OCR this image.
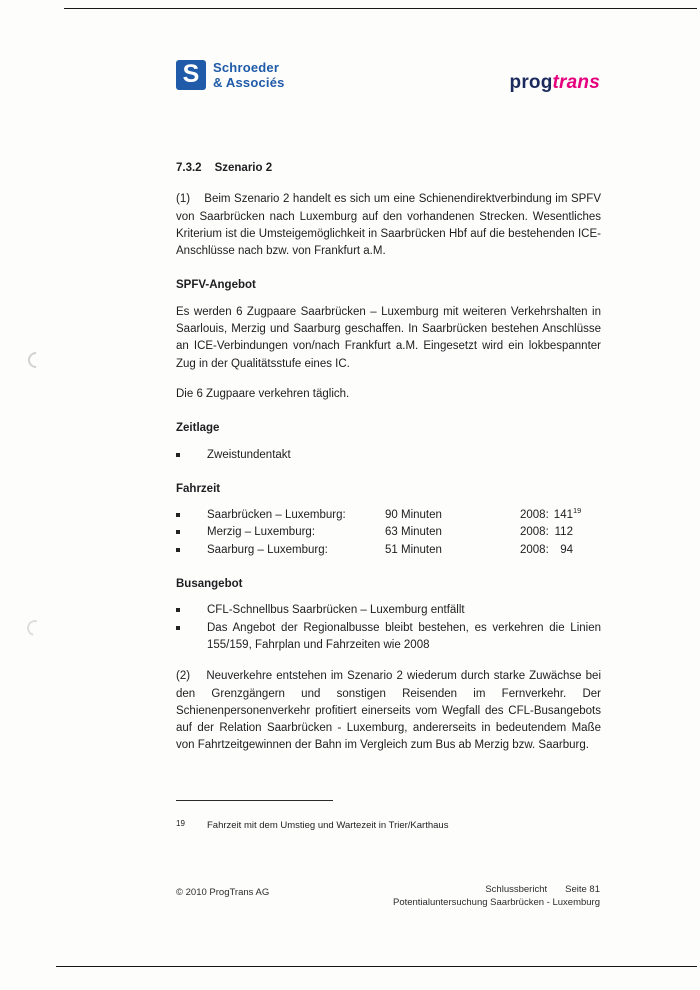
S	Schroeder
& Associés	progtrans
7.3.2 Szenario 2

(1)    Beim Szenario 2 handelt es sich um eine Schienendirektverbindung im SPFV von Saarbrücken nach Luxemburg auf den vorhandenen Strecken. Wesentliches Kriterium ist die Umsteigemöglichkeit in Saarbrücken Hbf auf die bestehenden ICE-Anschlüsse nach bzw. von Frankfurt a.M.

SPFV-Angebot

Es werden 6 Zugpaare Saarbrücken – Luxemburg mit weiteren Verkehrshalten in Saarlouis, Merzig und Saarburg geschaffen. In Saarbrücken bestehen Anschlüsse an ICE-Verbindungen von/nach Frankfurt a.M. Eingesetzt wird ein lokbespannter Zug in der Qualitätsstufe eines IC.

Die 6 Zugpaare verkehren täglich.

Zeitlage
Zweistundentakt
Fahrzeit
Saarbrücken – Luxemburg:	90 Minuten	2008: $141^{19}$
Merzig – Luxemburg:	63 Minuten	2008: 112
Saarburg – Luxemburg:	51 Minuten	2008: 94
Busangebot
CFL-Schnellbus Saarbrücken – Luxemburg entfällt
Das Angebot der Regionalbusse bleibt bestehen, es verkehren die Linien 155/159, Fahrplan und Fahrzeiten wie 2008

(2)    Neuverkehre entstehen im Szenario 2 wiederum durch starke Zuwächse bei den Grenzgängern und sonstigen Reisenden im Fernverkehr. Der Schienenpersonenverkehr profitiert einerseits vom Wegfall des CFL-Busangebots auf der Relation Saarbrücken - Luxemburg, andererseits in bedeutendem Maße von Fahrtzeitgewinnen der Bahn im Vergleich zum Bus ab Merzig bzw. Saarburg.

19	Fahrzeit mit dem Umstieg und Wartezeit in Trier/Karthaus
© 2010 ProgTrans AG	Schlussbericht Seite 81
Potentialuntersuchung Saarbrücken - Luxemburg
